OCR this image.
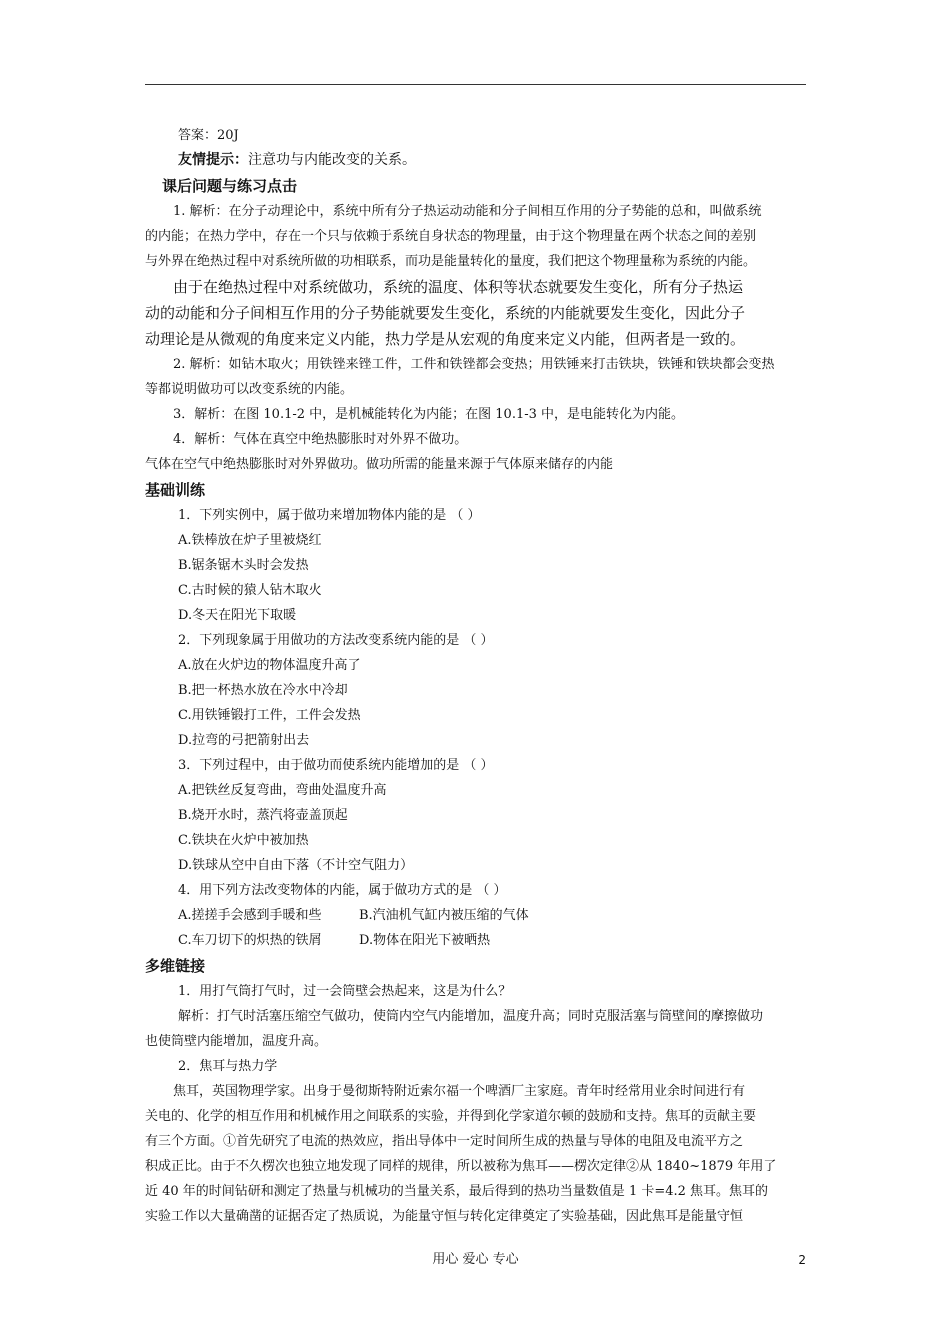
答案：20J
友情提示：注意功与内能改变的关系。
课后问题与练习点击
1. 解析：在分子动理论中，系统中所有分子热运动动能和分子间相互作用的分子势能的总和，叫做系统
的内能；在热力学中，存在一个只与依赖于系统自身状态的物理量，由于这个物理量在两个状态之间的差别
与外界在绝热过程中对系统所做的功相联系，而功是能量转化的量度，我们把这个物理量称为系统的内能。
由于在绝热过程中对系统做功，系统的温度、体积等状态就要发生变化，所有分子热运
动的动能和分子间相互作用的分子势能就要发生变化，系统的内能就要发生变化，因此分子
动理论是从微观的角度来定义内能，热力学是从宏观的角度来定义内能，但两者是一致的。
2. 解析：如钻木取火；用铁锉来锉工件，工件和铁锉都会变热；用铁锤来打击铁块，铁锤和铁块都会变热
等都说明做功可以改变系统的内能。
3．解析：在图 10.1-2 中，是机械能转化为内能；在图 10.1-3 中，是电能转化为内能。
4．解析：气体在真空中绝热膨胀时对外界不做功。
气体在空气中绝热膨胀时对外界做功。做功所需的能量来源于气体原来储存的内能
基础训练
1．下列实例中，属于做功来增加物体内能的是 （ ）
A.铁棒放在炉子里被烧红
B.锯条锯木头时会发热
C.古时候的猿人钻木取火
D.冬天在阳光下取暖
2．下列现象属于用做功的方法改变系统内能的是 （ ）
A.放在火炉边的物体温度升高了
B.把一杯热水放在冷水中冷却
C.用铁锤锻打工件，工件会发热
D.拉弯的弓把箭射出去
3．下列过程中，由于做功而使系统内能增加的是 （ ）
A.把铁丝反复弯曲，弯曲处温度升高
B.烧开水时，蒸汽将壶盖顶起
C.铁块在火炉中被加热
D.铁球从空中自由下落（不计空气阻力）
4．用下列方法改变物体的内能，属于做功方式的是 （ ）
A.搓搓手会感到手暖和些	B.汽油机气缸内被压缩的气体
C.车刀切下的炽热的铁屑	D.物体在阳光下被晒热
多维链接
1．用打气筒打气时，过一会筒壁会热起来，这是为什么？
解析：打气时活塞压缩空气做功，使筒内空气内能增加，温度升高；同时克服活塞与筒壁间的摩擦做功
也使筒壁内能增加，温度升高。
2．焦耳与热力学
焦耳，英国物理学家。出身于曼彻斯特附近索尔福一个啤酒厂主家庭。青年时经常用业余时间进行有
关电的、化学的相互作用和机械作用之间联系的实验，并得到化学家道尔顿的鼓励和支持。焦耳的贡献主要
有三个方面。①首先研究了电流的热效应，指出导体中一定时间所生成的热量与导体的电阻及电流平方之
积成正比。由于不久楞次也独立地发现了同样的规律，所以被称为焦耳——楞次定律②从 1840~1879 年用了
近 40 年的时间钻研和测定了热量与机械功的当量关系，最后得到的热功当量数值是 1 卡=4.2 焦耳。焦耳的
实验工作以大量确凿的证据否定了热质说，为能量守恒与转化定律奠定了实验基础，因此焦耳是能量守恒
用心 爱心 专心	2
